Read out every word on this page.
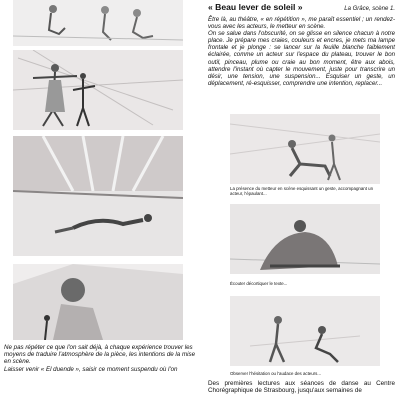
Ne pas répéter ce que l'on sait déjà, à chaque expérience trouver les moyens de traduire l'atmosphère de la pièce, les intentions de la mise en scène.

Laisser venir « El duende », saisir ce moment suspendu où l'on

« Beau lever de soleil »	La Grâce, scène 1.

Être là, au théâtre, « en répétition », me paraît essentiel ; un rendez-vous avec les acteurs, le metteur en scène.

On se salue dans l'obscurité, on se glisse en silence chacun à notre place. Je prépare mes craies, couleurs et encres, je mets ma lampe frontale et je plonge : se lancer sur la feuille blanche faiblement éclairée, comme un acteur sur l'espace du plateau, trouver le bon outil, pinceau, plume ou craie au bon moment, être aux abois, attendre l'instant où capter le mouvement, juste pour transcrire un désir, une tension, une suspension... Esquiser un geste, un déplacement, ré-esquisser, comprendre une intention, replacer...

La présence du metteur en scène esquissant un geste, accompagnant un acteur, l'épaulant...
Écouter décortiquer le texte...
Observer l'hésitation ou l'audace des acteurs...

Des premières lectures aux séances de danse au Centre Chorégraphique de Strasbourg, jusqu'aux semaines de
